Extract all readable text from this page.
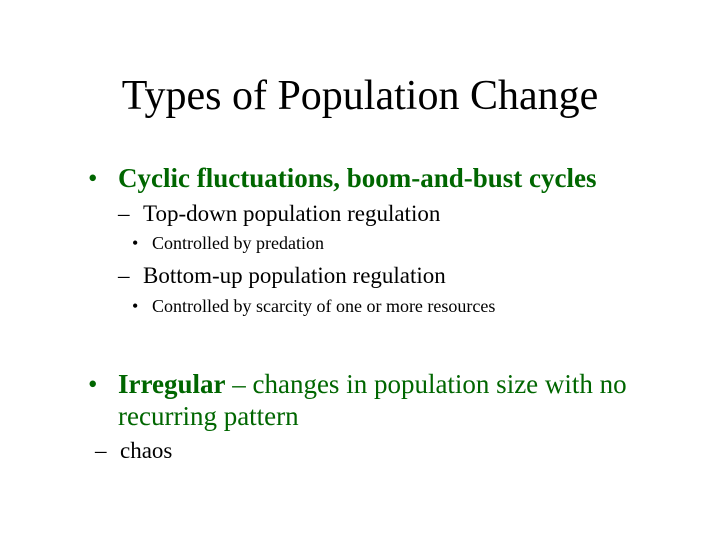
Types of Population Change
• Cyclic fluctuations, boom-and-bust cycles
– Top-down population regulation
• Controlled by predation
– Bottom-up population regulation
• Controlled by scarcity of one or more resources
• Irregular – changes in population size with no recurring pattern
– chaos
